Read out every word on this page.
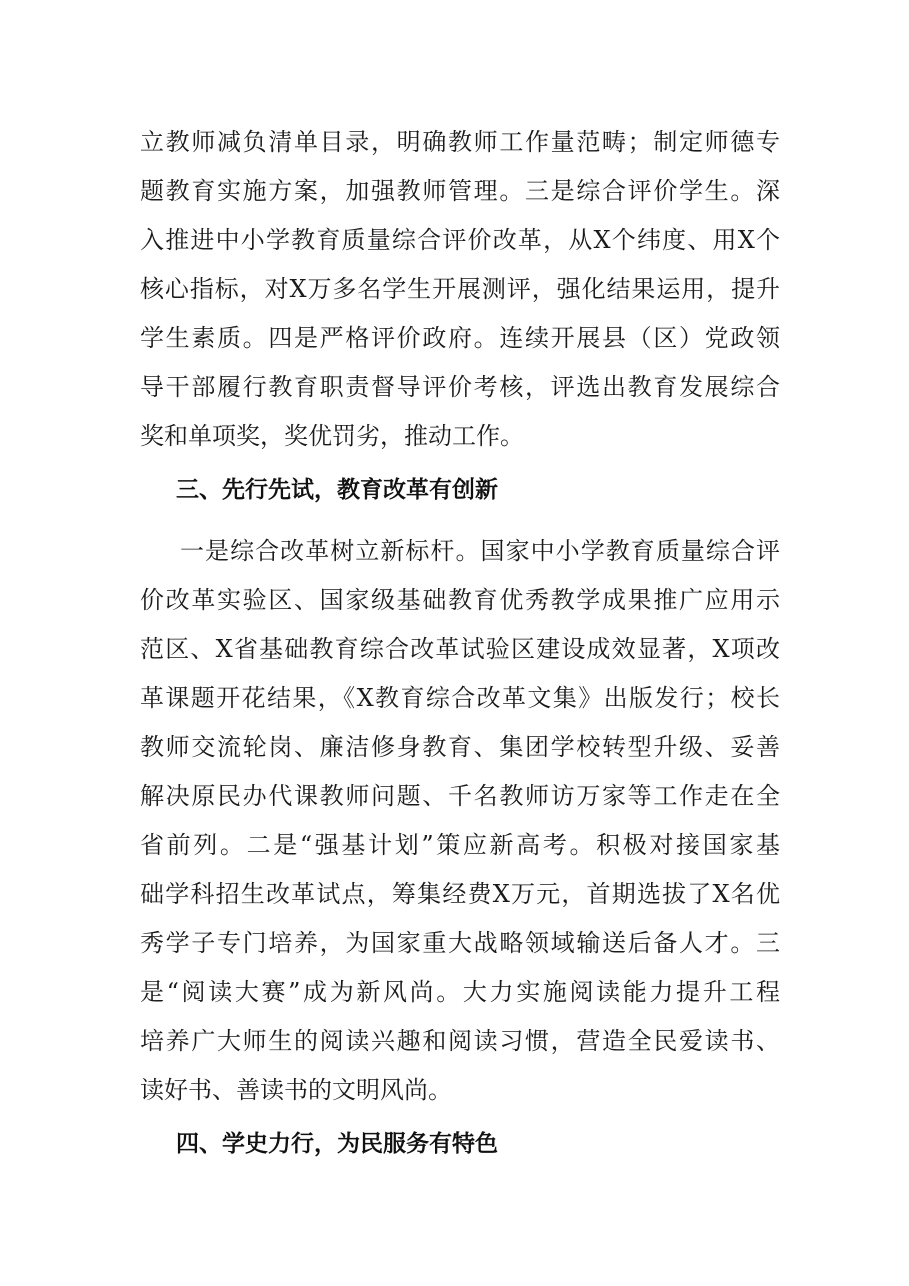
立教师减负清单目录，明确教师工作量范畴；制定师德专
题教育实施方案，加强教师管理。三是综合评价学生。深
入推进中小学教育质量综合评价改革，从X个纬度、用X个
核心指标，对X万多名学生开展测评，强化结果运用，提升
学生素质。四是严格评价政府。连续开展县（区）党政领
导干部履行教育职责督导评价考核，评选出教育发展综合
奖和单项奖，奖优罚劣，推动工作。
三、先行先试，教育改革有创新
一是综合改革树立新标杆。国家中小学教育质量综合评
价改革实验区、国家级基础教育优秀教学成果推广应用示
范区、X省基础教育综合改革试验区建设成效显著，X项改
革课题开花结果，《X教育综合改革文集》出版发行；校长
教师交流轮岗、廉洁修身教育、集团学校转型升级、妥善
解决原民办代课教师问题、千名教师访万家等工作走在全
省前列。二是“强基计划”策应新高考。积极对接国家基
础学科招生改革试点，筹集经费X万元，首期选拔了X名优
秀学子专门培养，为国家重大战略领域输送后备人才。三
是“阅读大赛”成为新风尚。大力实施阅读能力提升工程
培养广大师生的阅读兴趣和阅读习惯，营造全民爱读书、
读好书、善读书的文明风尚。
四、学史力行，为民服务有特色
